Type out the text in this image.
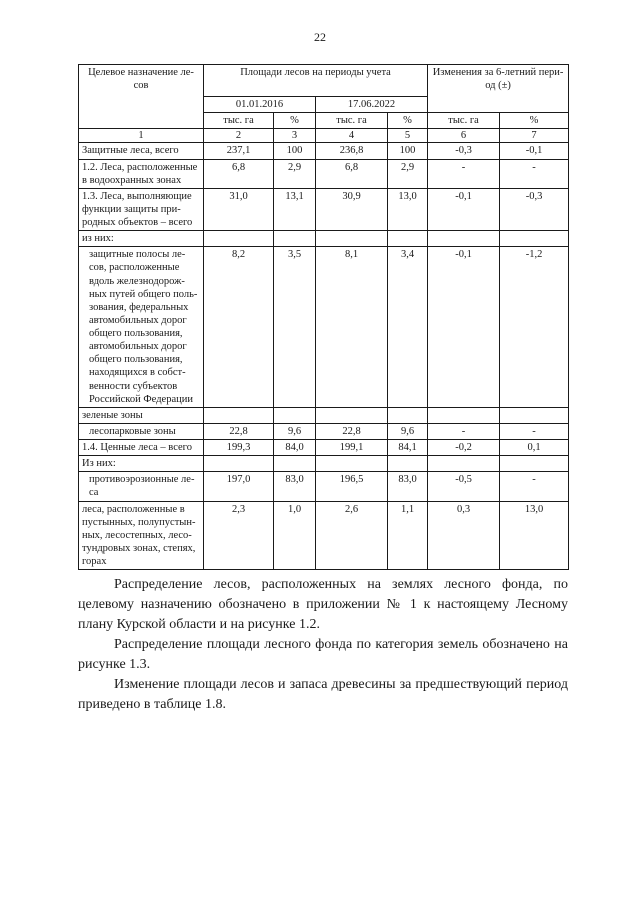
22
Целевое назначение ле-сов	Площади лесов на периоды учета				Изменения за 6-летний пери-од (±)	
	01.01.2016		17.06.2022			
	тыс. га	%	тыс. га	%	тыс. га	%
1	2	3	4	5	6	7
Защитные леса, всего	237,1	100	236,8	100	-0,3	-0,1
1.2. Леса, расположенные в водоохранных зонах	6,8	2,9	6,8	2,9	-	-
1.3. Леса, выполняющие функции защиты при-родных объектов – всего	31,0	13,1	30,9	13,0	-0,1	-0,3
из них:						
защитные полосы ле-сов, расположенные вдоль железнодорож-ных путей общего поль-зования, федеральных автомобильных дорог общего пользования, автомобильных дорог общего пользования, находящихся в собст-венности субъектов Российской Федерации	8,2	3,5	8,1	3,4	-0,1	-1,2
зеленые зоны						
лесопарковые зоны	22,8	9,6	22,8	9,6	-	-
1.4. Ценные леса – всего	199,3	84,0	199,1	84,1	-0,2	0,1
Из них:						
противоэрозионные ле-са	197,0	83,0	196,5	83,0	-0,5	-
леса, расположенные в пустынных, полупустын-ных, лесостепных, лесо-тундровых зонах, степях, горах	2,3	1,0	2,6	1,1	0,3	13,0

Распределение лесов, расположенных на землях лесного фонда, по целевому назначению обозначено в приложении № 1 к настоящему Лесному плану Курской области и на рисунке 1.2.

Распределение площади лесного фонда по категория земель обозначено на рисунке 1.3.

Изменение площади лесов и запаса древесины за предшествующий период приведено в таблице 1.8.
